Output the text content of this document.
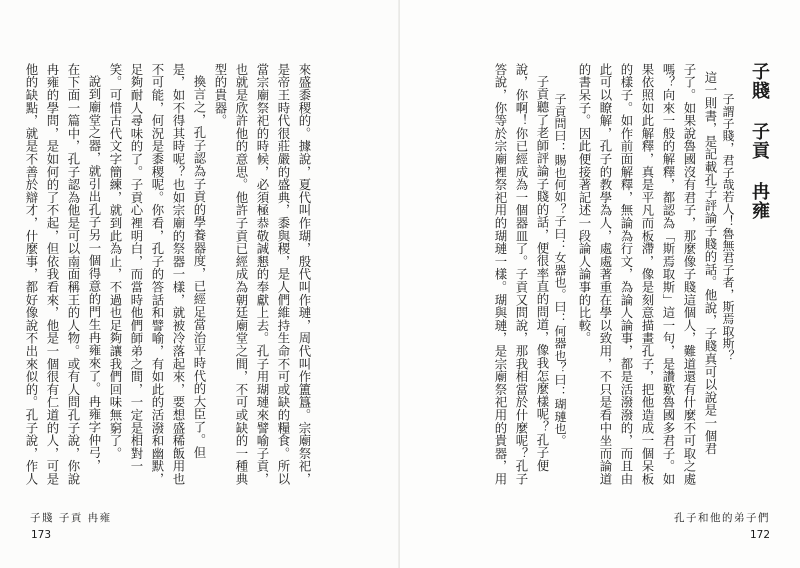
來盛黍稷的。據說，夏代叫作瑚，殷代叫作璉，周代叫作簠簋。宗廟祭祀，
是帝王時代很莊嚴的盛典，黍與稷，是人們維持生命不可或缺的糧食。所以
當宗廟祭祀的時候，必須極恭敬誠懇的奉獻上去。孔子用瑚璉來譬喻子貢，
也就是欣許他的意思。他許子貢已經成為朝廷廟堂之間，不可或缺的一種典
型的貴器。
換言之，孔子認為子貢的學養器度，已經足當治平時代的大臣了。但
是，如不得其時呢？也如宗廟的祭器一樣，就被冷落起來，要想盛稀飯用也
不可能，何況是黍稷呢。你看，孔子的答話和譬喻，有如此的活潑和幽默，
足夠耐人尋味的了。子貢心裡明白，而當時他們師弟之間，一定是相對一
笑。可惜古代文字簡練，就到此為止，不過也足夠讓我們回味無窮了。
說到廟堂之器，就引出孔子另一個得意的門生冉雍來了。冉雍字仲弓，
在下面一篇中，孔子認為他是可以南面稱王的人物。或有人問孔子說，你說
冉雍的學問，是如何的了不起，但依我看來，他是一個很有仁道的人，可是
他的缺點，就是不善於辯才，什麼事，都好像說不出來似的。孔子說，作人
子賤 子貢 冉雍
173
子賤 子貢 冉雍
子謂子賤，君子哉若人！魯無君子者，斯焉取斯？
這一則書，是記載孔子評論子賤的話。他說，子賤真可以說是一個君
子了。如果說魯國沒有君子，那麼像子賤這個人，難道還有什麼不可取之處
嗎？向來一般的解釋，都認為「斯焉取斯」這一句，是讚歎魯國多君子。如
果依照如此解釋，真是平凡而板滯，像是刻意描畫孔子，把他造成一個呆板
的樣子。如作前面解釋，無論為行文，為論人論事，都是活潑潑的，而且由
此可以瞭解，孔子的教學為人，處處著重在學以致用，不只是看中坐而論道
的書呆子。因此便接著記述一段論人論事的比較。
子貢問曰：賜也何如？子曰：女器也。曰：何器也？曰：瑚璉也。
子貢聽了老師評論子賤的話，便很率直的問道，像我怎麼樣呢？孔子便
說，你啊！你已經成為一個器皿了。子貢又問說，那我相當於什麼呢？孔子
答說，你等於宗廟裡祭祀用的瑚璉一樣。瑚與璉，是宗廟祭祀用的貴器，用
孔子和他的弟子們
172
